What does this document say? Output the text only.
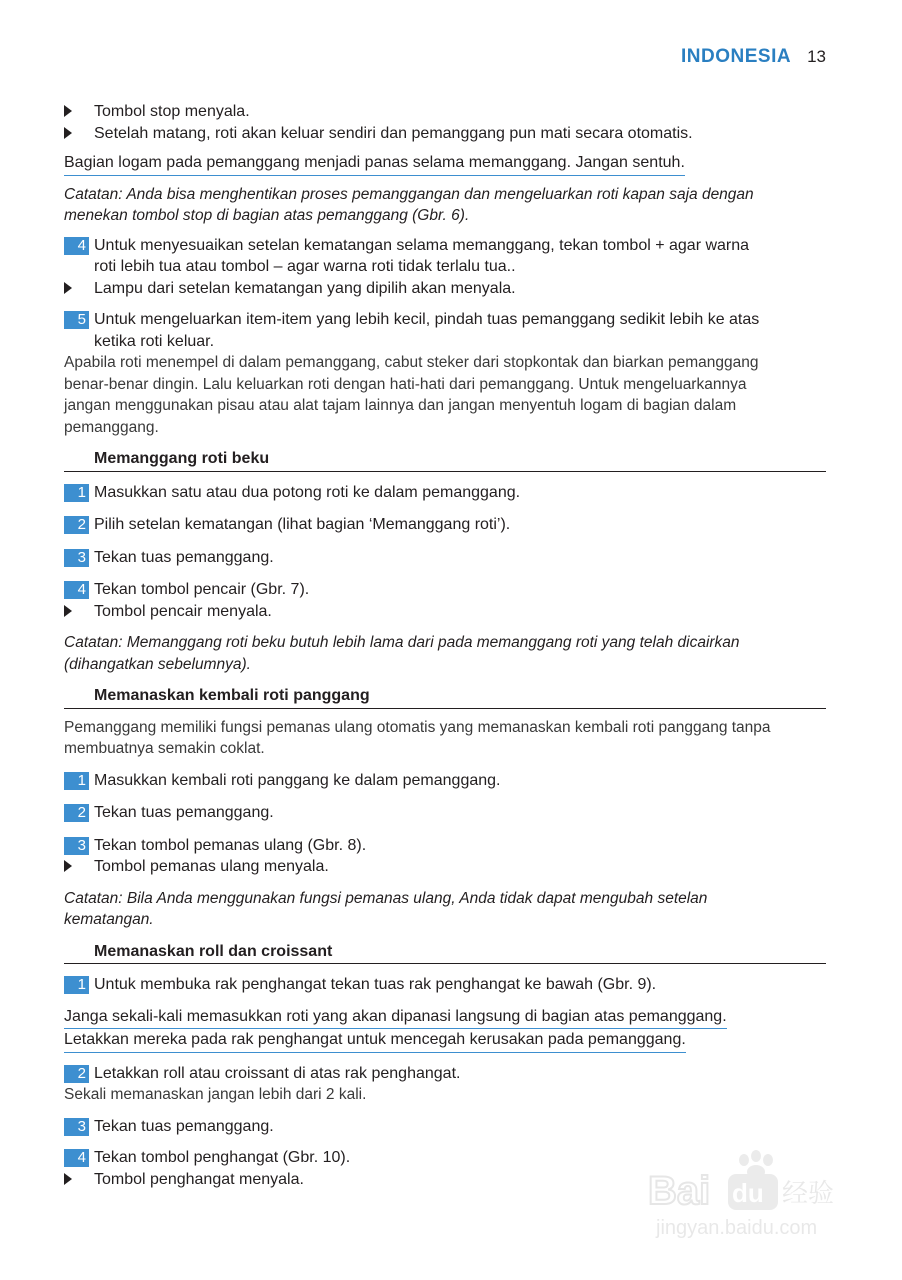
INDONESIA 13
Tombol stop menyala.
Setelah matang, roti akan keluar sendiri dan pemanggang pun mati secara otomatis.
Bagian logam pada pemanggang menjadi panas selama memanggang. Jangan sentuh.
Catatan: Anda bisa menghentikan proses pemanggangan dan mengeluarkan roti kapan saja dengan
menekan tombol stop di bagian atas pemanggang (Gbr. 6).
4 Untuk menyesuaikan setelan kematangan selama memanggang, tekan tombol + agar warna
roti lebih tua atau tombol – agar warna roti tidak terlalu tua..
Lampu dari setelan kematangan yang dipilih akan menyala.
5 Untuk mengeluarkan item-item yang lebih kecil, pindah tuas pemanggang sedikit lebih ke atas
ketika roti keluar.
Apabila roti menempel di dalam pemanggang, cabut steker dari stopkontak dan biarkan pemanggang
benar-benar dingin. Lalu keluarkan roti dengan hati-hati dari pemanggang. Untuk mengeluarkannya
jangan menggunakan pisau atau alat tajam lainnya dan jangan menyentuh logam di bagian dalam
pemanggang.
Memanggang roti beku
1 Masukkan satu atau dua potong roti ke dalam pemanggang.
2 Pilih setelan kematangan (lihat bagian ‘Memanggang roti’).
3 Tekan tuas pemanggang.
4 Tekan tombol pencair (Gbr. 7).
Tombol pencair menyala.
Catatan: Memanggang roti beku butuh lebih lama dari pada memanggang roti yang telah dicairkan
(dihangatkan sebelumnya).
Memanaskan kembali roti panggang
Pemanggang memiliki fungsi pemanas ulang otomatis yang memanaskan kembali roti panggang tanpa
membuatnya semakin coklat.
1 Masukkan kembali roti panggang ke dalam pemanggang.
2 Tekan tuas pemanggang.
3 Tekan tombol pemanas ulang (Gbr. 8).
Tombol pemanas ulang menyala.
Catatan: Bila Anda menggunakan fungsi pemanas ulang, Anda tidak dapat mengubah setelan
kematangan.
Memanaskan roll dan croissant
1 Untuk membuka rak penghangat tekan tuas rak penghangat ke bawah (Gbr. 9).
Janga sekali-kali memasukkan roti yang akan dipanasi langsung di bagian atas pemanggang.
Letakkan mereka pada rak penghangat untuk mencegah kerusakan pada pemanggang.
2 Letakkan roll atau croissant di atas rak penghangat.
Sekali memanaskan jangan lebih dari 2 kali.
3 Tekan tuas pemanggang.
4 Tekan tombol penghangat (Gbr. 10).
Tombol penghangat menyala.	Bai du 经验
jingyan.baidu.com
